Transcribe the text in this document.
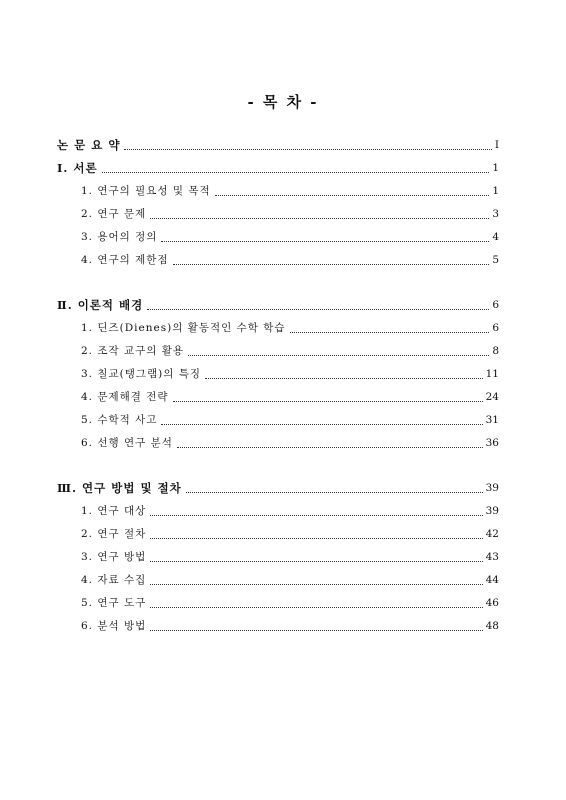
- 목 차 -
논 문 요 약	I
Ⅰ. 서론	1
1. 연구의 필요성 및 목적	1
2. 연구 문제	3
3. 용어의 정의	4
4. 연구의 제한점	5
Ⅱ. 이론적 배경	6
1. 딘즈(Dienes)의 활동적인 수학 학습	6
2. 조작 교구의 활용	8
3. 칠교(탱그램)의 특징	11
4. 문제해결 전략	24
5. 수학적 사고	31
6. 선행 연구 분석	36
Ⅲ. 연구 방법 및 절차	39
1. 연구 대상	39
2. 연구 절차	42
3. 연구 방법	43
4. 자료 수집	44
5. 연구 도구	46
6. 분석 방법	48
